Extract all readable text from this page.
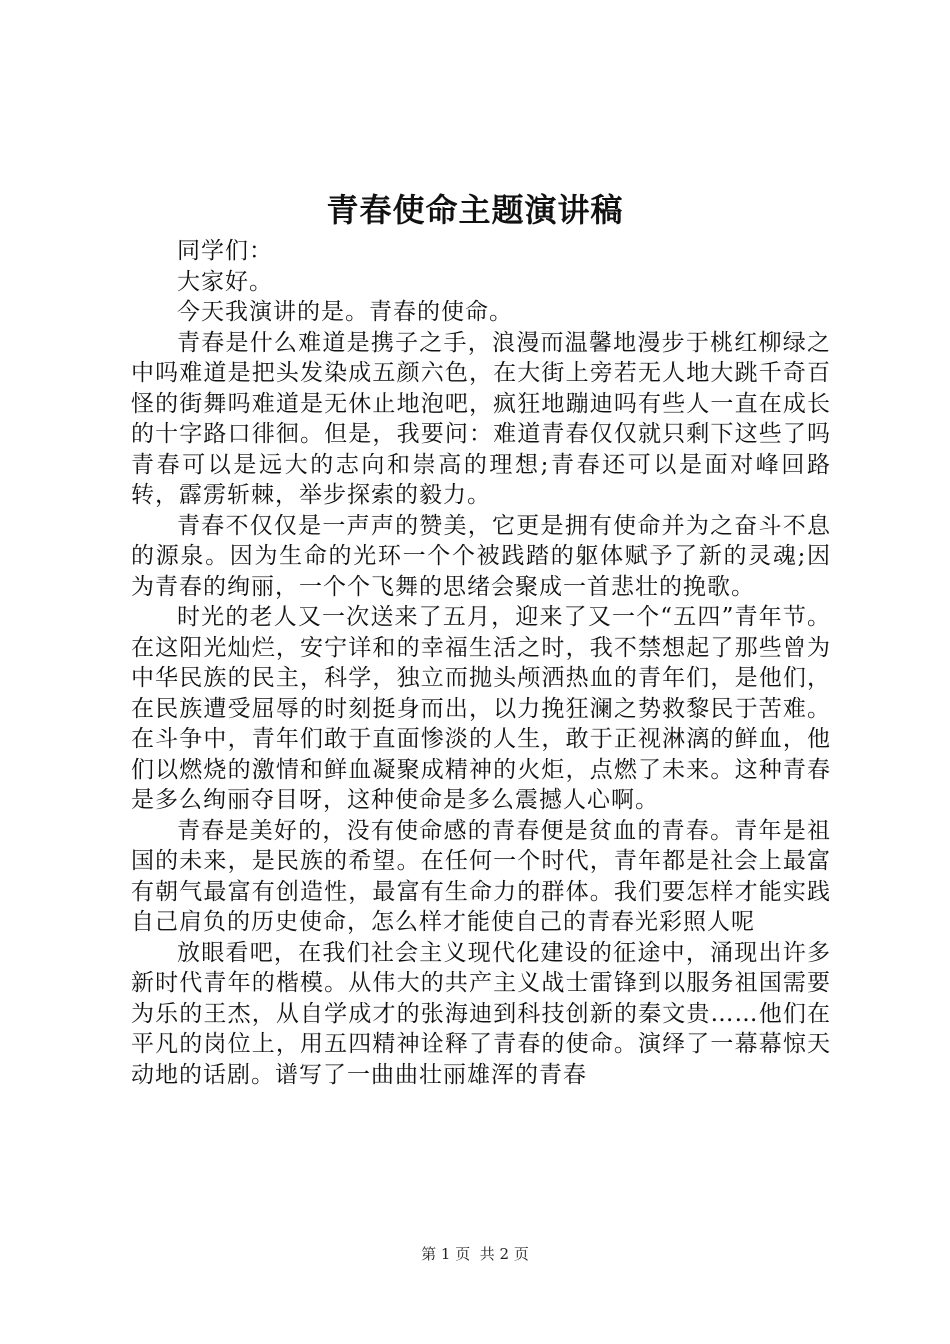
青春使命主题演讲稿

同学们：

大家好。

今天我演讲的是。青春的使命。

青春是什么难道是携子之手，浪漫而温馨地漫步于桃红柳绿之中吗难道是把头发染成五颜六色，在大街上旁若无人地大跳千奇百怪的街舞吗难道是无休止地泡吧，疯狂地蹦迪吗有些人一直在成长的十字路口徘徊。但是，我要问：难道青春仅仅就只剩下这些了吗青春可以是远大的志向和崇高的理想;青春还可以是面对峰回路转，霹雳斩棘，举步探索的毅力。

青春不仅仅是一声声的赞美，它更是拥有使命并为之奋斗不息的源泉。因为生命的光环一个个被践踏的躯体赋予了新的灵魂;因为青春的绚丽，一个个飞舞的思绪会聚成一首悲壮的挽歌。

时光的老人又一次送来了五月，迎来了又一个“五四”青年节。在这阳光灿烂，安宁详和的幸福生活之时，我不禁想起了那些曾为中华民族的民主，科学，独立而抛头颅洒热血的青年们，是他们，在民族遭受屈辱的时刻挺身而出，以力挽狂澜之势救黎民于苦难。在斗争中，青年们敢于直面惨淡的人生，敢于正视淋漓的鲜血，他们以燃烧的激情和鲜血凝聚成精神的火炬，点燃了未来。这种青春是多么绚丽夺目呀，这种使命是多么震撼人心啊。

青春是美好的，没有使命感的青春便是贫血的青春。青年是祖国的未来，是民族的希望。在任何一个时代，青年都是社会上最富有朝气最富有创造性，最富有生命力的群体。我们要怎样才能实践自己肩负的历史使命，怎么样才能使自己的青春光彩照人呢

放眼看吧，在我们社会主义现代化建设的征途中，涌现出许多新时代青年的楷模。从伟大的共产主义战士雷锋到以服务祖国需要为乐的王杰，从自学成才的张海迪到科技创新的秦文贵……他们在平凡的岗位上，用五四精神诠释了青春的使命。演绎了一幕幕惊天动地的话剧。谱写了一曲曲壮丽雄浑的青春

第 1 页  共 2 页
